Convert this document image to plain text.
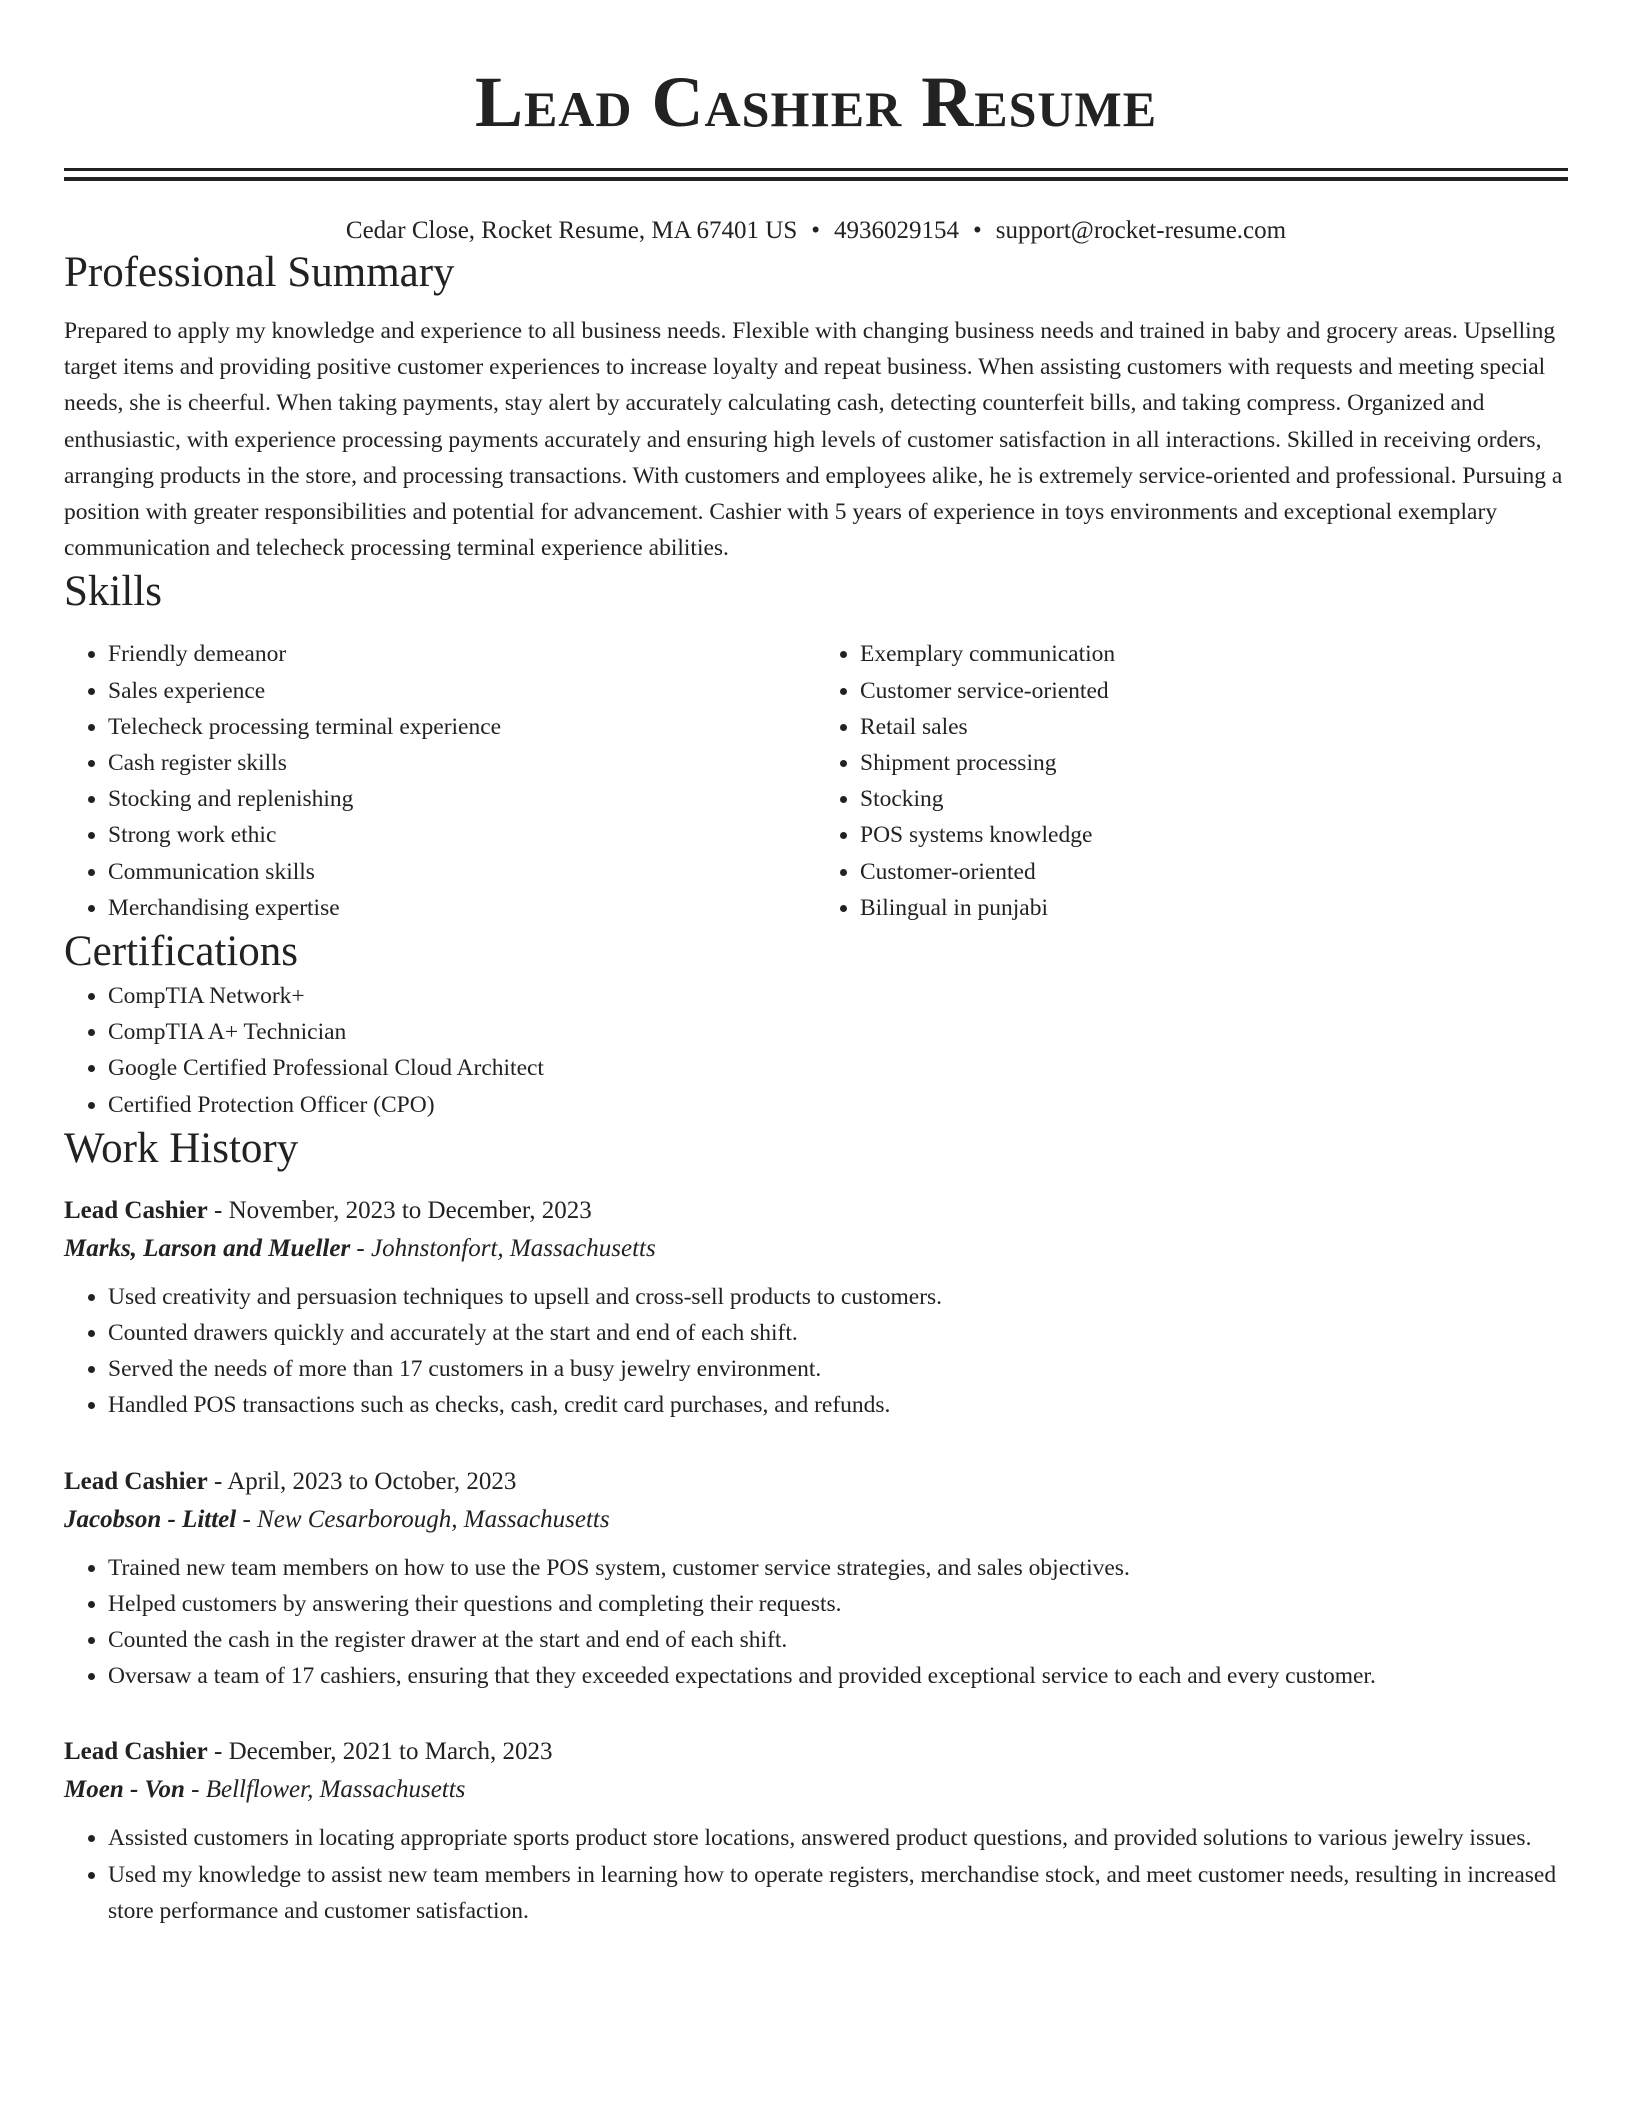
Lead Cashier Resume
Cedar Close, Rocket Resume, MA 67401 US • 4936029154 • support@rocket-resume.com
Professional Summary

Prepared to apply my knowledge and experience to all business needs. Flexible with changing business needs and trained in baby and grocery areas. Upselling target items and providing positive customer experiences to increase loyalty and repeat business. When assisting customers with requests and meeting special needs, she is cheerful. When taking payments, stay alert by accurately calculating cash, detecting counterfeit bills, and taking compress. Organized and enthusiastic, with experience processing payments accurately and ensuring high levels of customer satisfaction in all interactions. Skilled in receiving orders, arranging products in the store, and processing transactions. With customers and employees alike, he is extremely service-oriented and professional. Pursuing a position with greater responsibilities and potential for advancement. Cashier with 5 years of experience in toys environments and exceptional exemplary communication and telecheck processing terminal experience abilities.

Skills
• Friendly demeanor
• Sales experience
• Telecheck processing terminal experience
• Cash register skills
• Stocking and replenishing
• Strong work ethic
• Communication skills
• Merchandising expertise
• Exemplary communication
• Customer service-oriented
• Retail sales
• Shipment processing
• Stocking
• POS systems knowledge
• Customer-oriented
• Bilingual in punjabi
Certifications
• CompTIA Network+
• CompTIA A+ Technician
• Google Certified Professional Cloud Architect
• Certified Protection Officer (CPO)
Work History
Lead Cashier - November, 2023 to December, 2023
Marks, Larson and Mueller - Johnstonfort, Massachusetts
• Used creativity and persuasion techniques to upsell and cross-sell products to customers.
• Counted drawers quickly and accurately at the start and end of each shift.
• Served the needs of more than 17 customers in a busy jewelry environment.
• Handled POS transactions such as checks, cash, credit card purchases, and refunds.
Lead Cashier - April, 2023 to October, 2023
Jacobson - Littel - New Cesarborough, Massachusetts
• Trained new team members on how to use the POS system, customer service strategies, and sales objectives.
• Helped customers by answering their questions and completing their requests.
• Counted the cash in the register drawer at the start and end of each shift.
• Oversaw a team of 17 cashiers, ensuring that they exceeded expectations and provided exceptional service to each and every customer.
Lead Cashier - December, 2021 to March, 2023
Moen - Von - Bellflower, Massachusetts
• Assisted customers in locating appropriate sports product store locations, answered product questions, and provided solutions to various jewelry issues.
• Used my knowledge to assist new team members in learning how to operate registers, merchandise stock, and meet customer needs, resulting in increased store performance and customer satisfaction.
